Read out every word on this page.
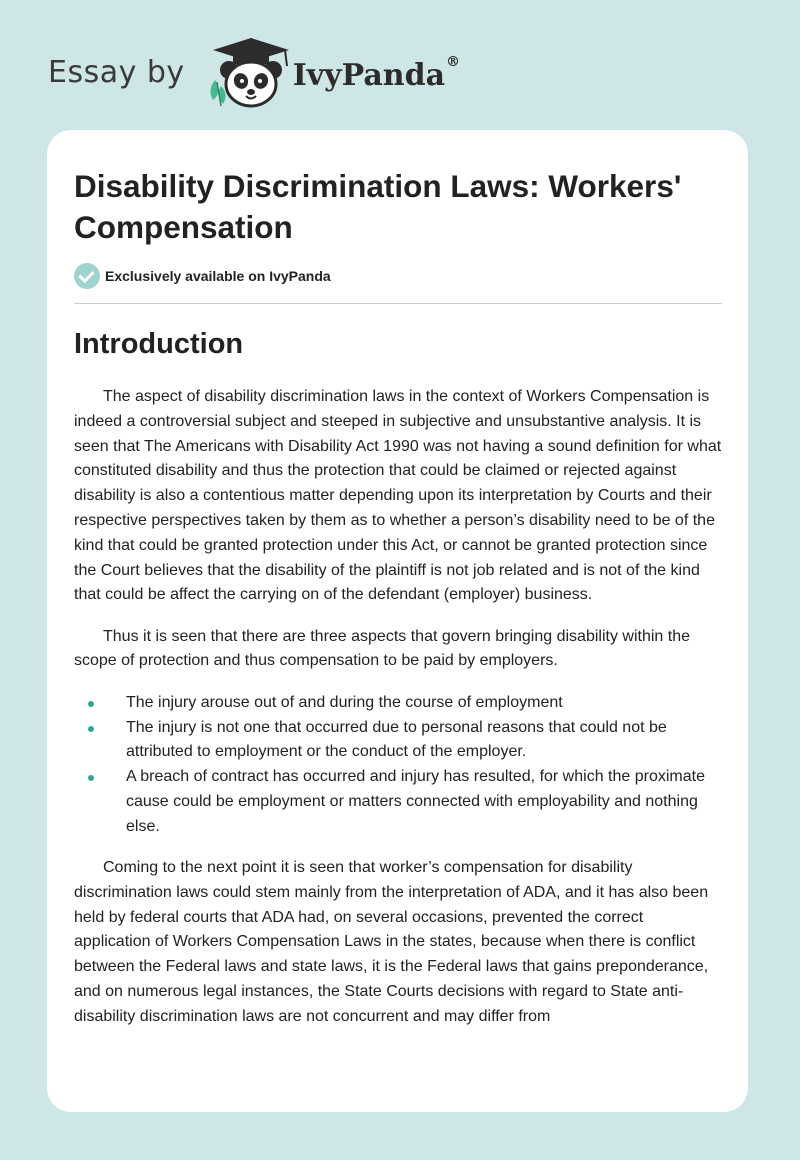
Essay by	IvyPanda®
Disability Discrimination Laws: Workers' Compensation
Exclusively available on IvyPanda
Introduction

The aspect of disability discrimination laws in the context of Workers Compensation is indeed a controversial subject and steeped in subjective and unsubstantive analysis. It is seen that The Americans with Disability Act 1990 was not having a sound definition for what constituted disability and thus the protection that could be claimed or rejected against disability is also a contentious matter depending upon its interpretation by Courts and their respective perspectives taken by them as to whether a person’s disability need to be of the kind that could be granted protection under this Act, or cannot be granted protection since the Court believes that the disability of the plaintiff is not job related and is not of the kind that could be affect the carrying on of the defendant (employer) business.

Thus it is seen that there are three aspects that govern bringing disability within the scope of protection and thus compensation to be paid by employers.

The injury arouse out of and during the course of employment
The injury is not one that occurred due to personal reasons that could not be attributed to employment or the conduct of the employer.
A breach of contract has occurred and injury has resulted, for which the proximate cause could be employment or matters connected with employability and nothing else.

Coming to the next point it is seen that worker’s compensation for disability discrimination laws could stem mainly from the interpretation of ADA, and it has also been held by federal courts that ADA had, on several occasions, prevented the correct application of Workers Compensation Laws in the states, because when there is conflict between the Federal laws and state laws, it is the Federal laws that gains preponderance, and on numerous legal instances, the State Courts decisions with regard to State anti-disability discrimination laws are not concurrent and may differ from
